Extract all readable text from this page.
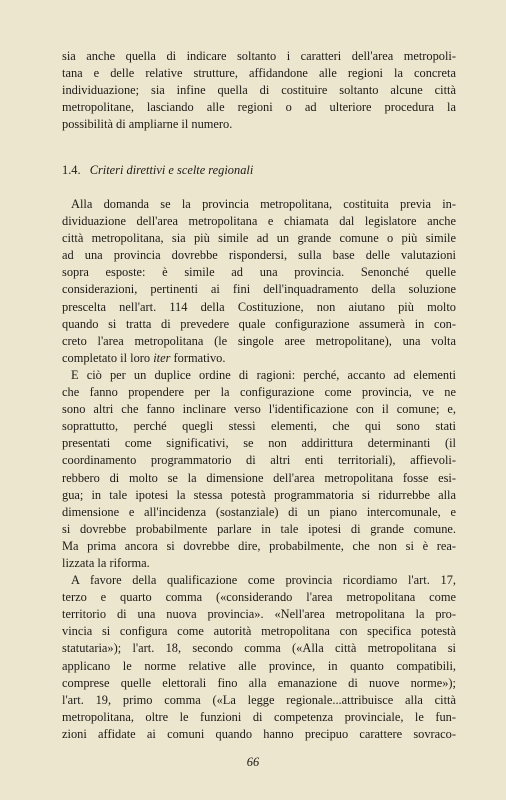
sia anche quella di indicare soltanto i caratteri dell'area metropoli-
tana e delle relative strutture, affidandone alle regioni la concreta
individuazione; sia infine quella di costituire soltanto alcune città
metropolitane, lasciando alle regioni o ad ulteriore procedura la
possibilità di ampliarne il numero.
1.4. Criteri direttivi e scelte regionali
Alla domanda se la provincia metropolitana, costituita previa in-
dividuazione dell'area metropolitana e chiamata dal legislatore anche
città metropolitana, sia più simile ad un grande comune o più simile
ad una provincia dovrebbe rispondersi, sulla base delle valutazioni
sopra esposte: è simile ad una provincia. Senonché quelle
considerazioni, pertinenti ai fini dell'inquadramento della soluzione
prescelta nell'art. 114 della Costituzione, non aiutano più molto
quando si tratta di prevedere quale configurazione assumerà in con-
creto l'area metropolitana (le singole aree metropolitane), una volta
completato il loro iter formativo.
E ciò per un duplice ordine di ragioni: perché, accanto ad elementi
che fanno propendere per la configurazione come provincia, ve ne
sono altri che fanno inclinare verso l'identificazione con il comune; e,
soprattutto, perché quegli stessi elementi, che qui sono stati
presentati come significativi, se non addirittura determinanti (il
coordinamento programmatorio di altri enti territoriali), affievoli-
rebbero di molto se la dimensione dell'area metropolitana fosse esi-
gua; in tale ipotesi la stessa potestà programmatoria si ridurrebbe alla
dimensione e all'incidenza (sostanziale) di un piano intercomunale, e
si dovrebbe probabilmente parlare in tale ipotesi di grande comune.
Ma prima ancora si dovrebbe dire, probabilmente, che non si è rea-
lizzata la riforma.
A favore della qualificazione come provincia ricordiamo l'art. 17,
terzo e quarto comma («considerando l'area metropolitana come
territorio di una nuova provincia». «Nell'area metropolitana la pro-
vincia si configura come autorità metropolitana con specifica potestà
statutaria»); l'art. 18, secondo comma («Alla città metropolitana si
applicano le norme relative alle province, in quanto compatibili,
comprese quelle elettorali fino alla emanazione di nuove norme»);
l'art. 19, primo comma («La legge regionale...attribuisce alla città
metropolitana, oltre le funzioni di competenza provinciale, le fun-
zioni affidate ai comuni quando hanno precipuo carattere sovraco-
66
